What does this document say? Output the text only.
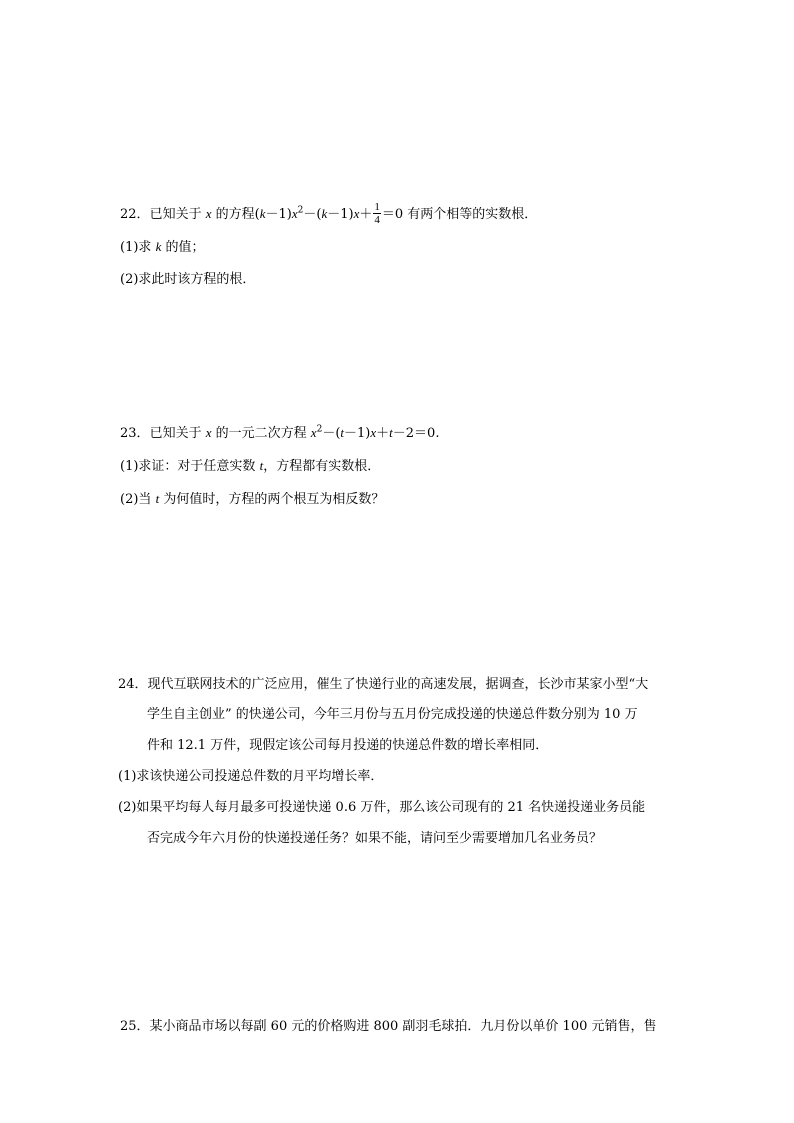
22．已知关于 x 的方程$(k-1)x^2-(k-1)x+ \frac{1}{4} =0$ 有两个相等的实数根．
(1)求 k 的值；
(2)求此时该方程的根．
23．已知关于 x 的一元二次方程 $x^2-(t-1)x+t-2=0$.
(1)求证：对于任意实数 t，方程都有实数根．
(2)当 t 为何值时，方程的两个根互为相反数？
24．现代互联网技术的广泛应用，催生了快递行业的高速发展，据调查，长沙市某家小型“大
学生自主创业” 的快递公司，今年三月份与五月份完成投递的快递总件数分别为 10 万
件和 12.1 万件，现假定该公司每月投递的快递总件数的增长率相同．
(1)求该快递公司投递总件数的月平均增长率．
(2)如果平均每人每月最多可投递快递 0.6 万件，那么该公司现有的 21 名快递投递业务员能
否完成今年六月份的快递投递任务？如果不能，请问至少需要增加几名业务员？
25．某小商品市场以每副 60 元的价格购进 800 副羽毛球拍．九月份以单价 100 元销售，售
